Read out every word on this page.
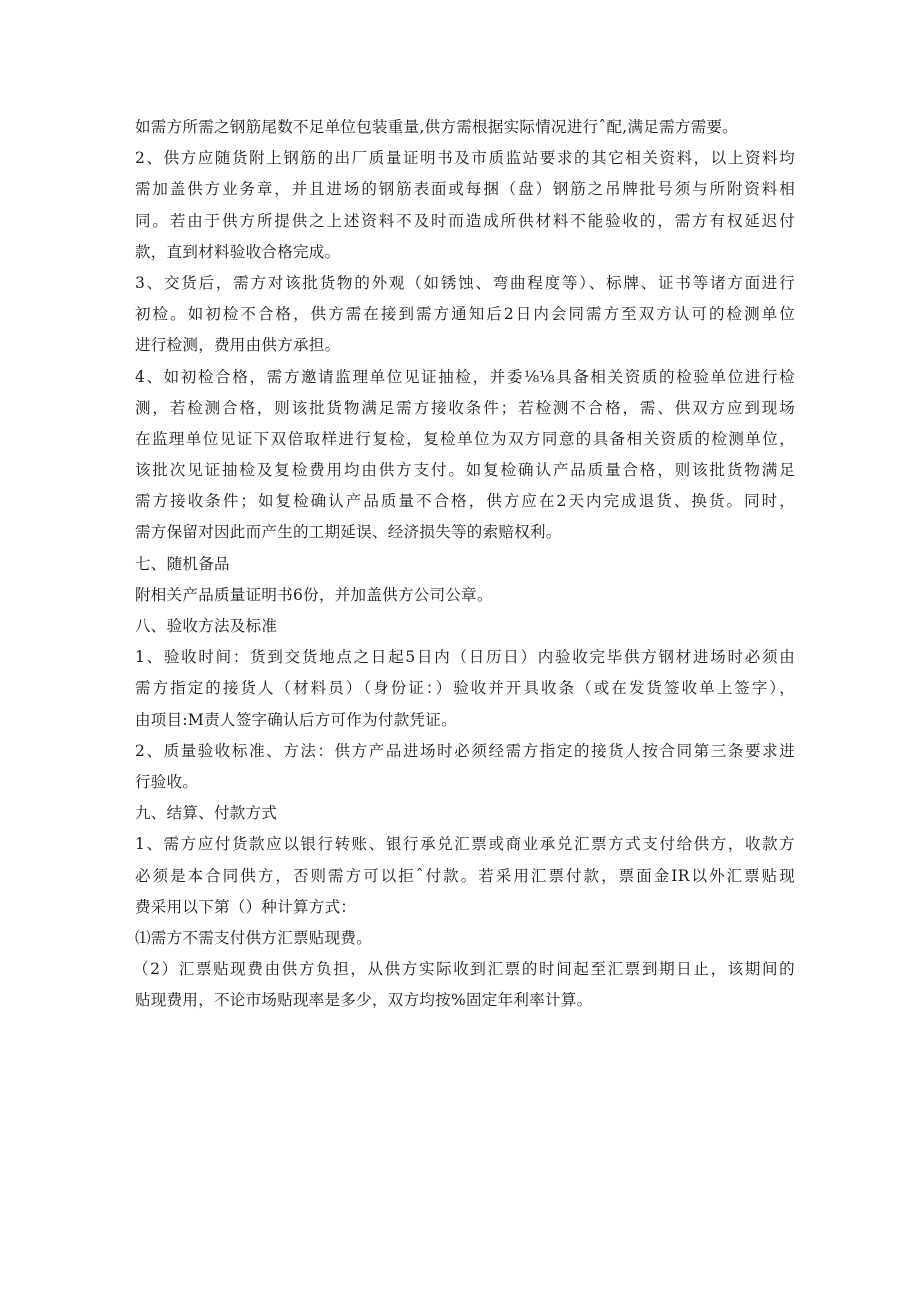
如需方所需之钢筋尾数不足单位包装重量,供方需根据实际情况进行ˆ配,满足需方需要。
2、供方应随货附上钢筋的出厂质量证明书及市质监站要求的其它相关资料，以上资料均
需加盖供方业务章，并且进场的钢筋表面或每捆（盘）钢筋之吊牌批号须与所附资料相
同。若由于供方所提供之上述资料不及时而造成所供材料不能验收的，需方有权延迟付
款，直到材料验收合格完成。
3、交货后，需方对该批货物的外观（如锈蚀、弯曲程度等）、标牌、证书等诸方面进行
初检。如初检不合格，供方需在接到需方通知后2日内会同需方至双方认可的检测单位
进行检测，费用由供方承担。
4、如初检合格，需方邀请监理单位见证抽检，并委⅛⅛具备相关资质的检验单位进行检
测，若检测合格，则该批货物满足需方接收条件；若检测不合格，需、供双方应到现场
在监理单位见证下双倍取样进行复检，复检单位为双方同意的具备相关资质的检测单位，
该批次见证抽检及复检费用均由供方支付。如复检确认产品质量合格，则该批货物满足
需方接收条件；如复检确认产品质量不合格，供方应在2天内完成退货、换货。同时，
需方保留对因此而产生的工期延误、经济损失等的索赔权利。
七、随机备品
附相关产品质量证明书6份，并加盖供方公司公章。
八、验收方法及标准
1、验收时间：货到交货地点之日起5日内（日历日）内验收完毕供方钢材进场时必须由
需方指定的接货人（材料员）（身份证：）验收并开具收条（或在发货签收单上签字），
由项目:M责人签字确认后方可作为付款凭证。
2、质量验收标准、方法：供方产品进场时必须经需方指定的接货人按合同第三条要求进
行验收。
九、结算、付款方式
1、需方应付货款应以银行转账、银行承兑汇票或商业承兑汇票方式支付给供方，收款方
必须是本合同供方，否则需方可以拒ˆ付款。若采用汇票付款，票面金IR以外汇票贴现
费采用以下第（）种计算方式：
⑴需方不需支付供方汇票贴现费。
（2）汇票贴现费由供方负担，从供方实际收到汇票的时间起至汇票到期日止，该期间的
贴现费用，不论市场贴现率是多少，双方均按%固定年利率计算。
